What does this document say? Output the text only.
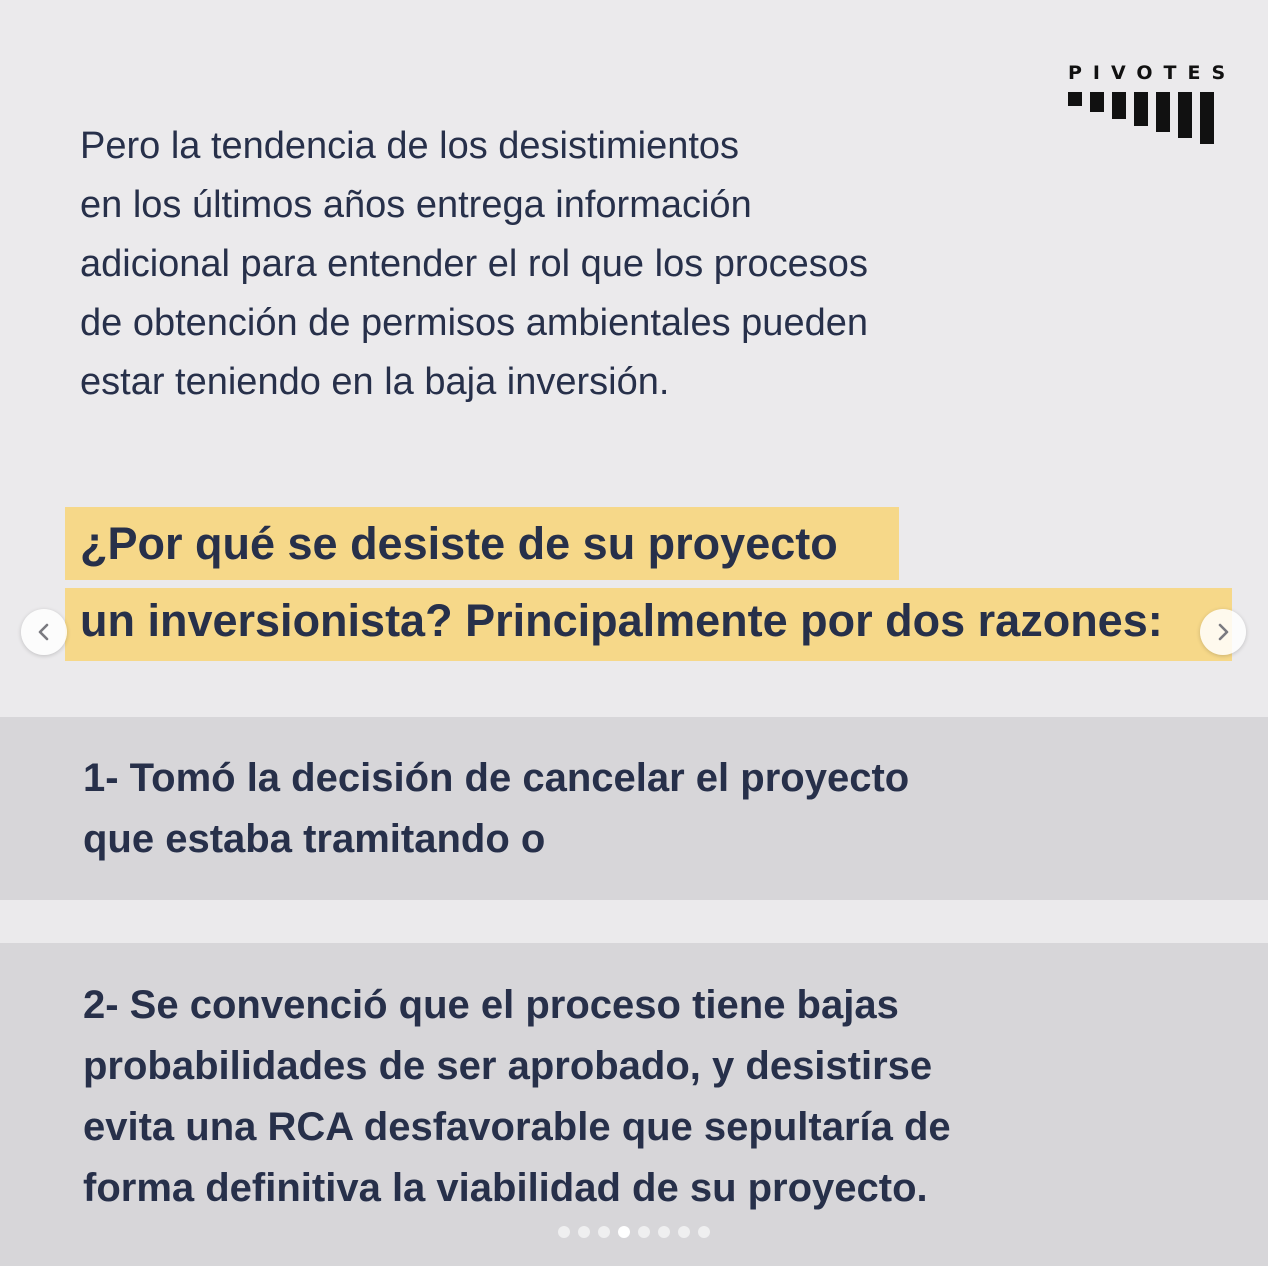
PIVOTES
Pero la tendencia de los desistimientos
en los últimos años entrega información
adicional para entender el rol que los procesos
de obtención de permisos ambientales pueden
estar teniendo en la baja inversión.
¿Por qué se desiste de su proyecto
un inversionista? Principalmente por dos razones:
1- Tomó la decisión de cancelar el proyecto
que estaba tramitando o
2- Se convenció que el proceso tiene bajas
probabilidades de ser aprobado, y desistirse
evita una RCA desfavorable que sepultaría de
forma definitiva la viabilidad de su proyecto.
